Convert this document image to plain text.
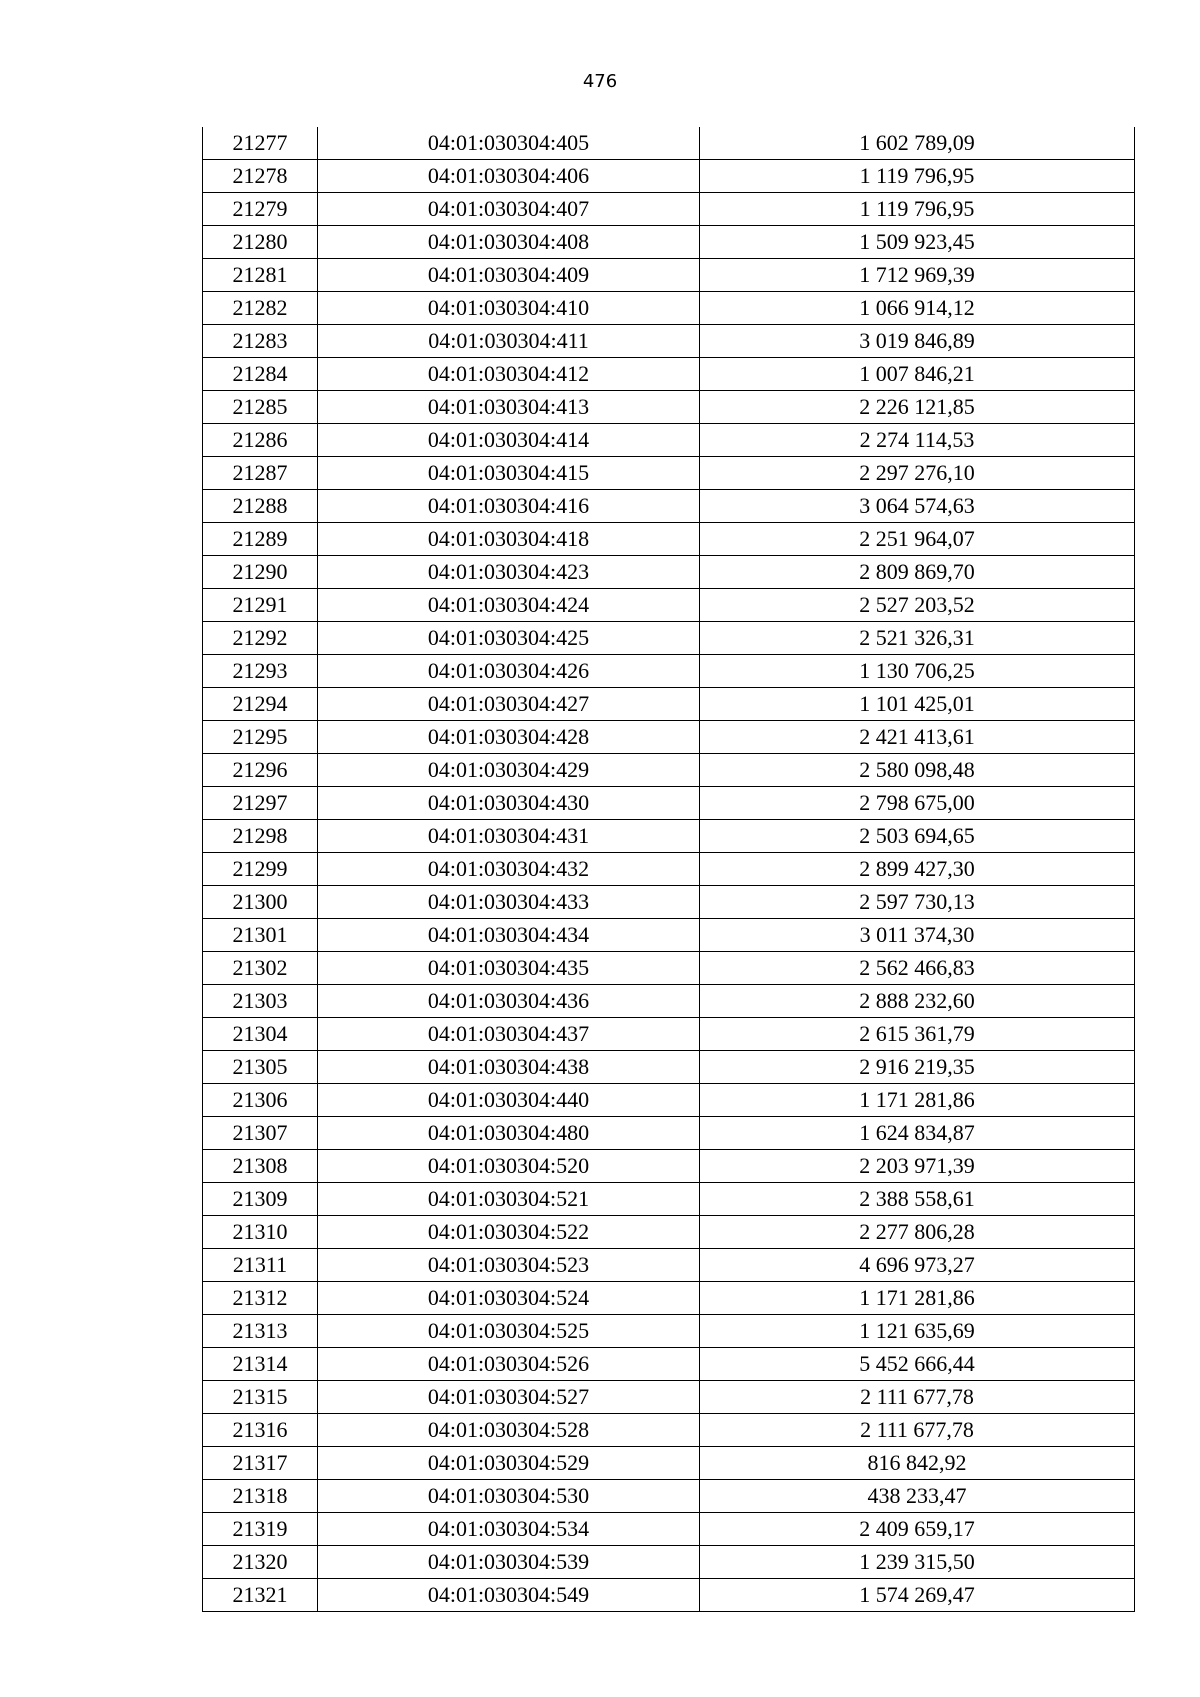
476
21277	04:01:030304:405	1 602 789,09
21278	04:01:030304:406	1 119 796,95
21279	04:01:030304:407	1 119 796,95
21280	04:01:030304:408	1 509 923,45
21281	04:01:030304:409	1 712 969,39
21282	04:01:030304:410	1 066 914,12
21283	04:01:030304:411	3 019 846,89
21284	04:01:030304:412	1 007 846,21
21285	04:01:030304:413	2 226 121,85
21286	04:01:030304:414	2 274 114,53
21287	04:01:030304:415	2 297 276,10
21288	04:01:030304:416	3 064 574,63
21289	04:01:030304:418	2 251 964,07
21290	04:01:030304:423	2 809 869,70
21291	04:01:030304:424	2 527 203,52
21292	04:01:030304:425	2 521 326,31
21293	04:01:030304:426	1 130 706,25
21294	04:01:030304:427	1 101 425,01
21295	04:01:030304:428	2 421 413,61
21296	04:01:030304:429	2 580 098,48
21297	04:01:030304:430	2 798 675,00
21298	04:01:030304:431	2 503 694,65
21299	04:01:030304:432	2 899 427,30
21300	04:01:030304:433	2 597 730,13
21301	04:01:030304:434	3 011 374,30
21302	04:01:030304:435	2 562 466,83
21303	04:01:030304:436	2 888 232,60
21304	04:01:030304:437	2 615 361,79
21305	04:01:030304:438	2 916 219,35
21306	04:01:030304:440	1 171 281,86
21307	04:01:030304:480	1 624 834,87
21308	04:01:030304:520	2 203 971,39
21309	04:01:030304:521	2 388 558,61
21310	04:01:030304:522	2 277 806,28
21311	04:01:030304:523	4 696 973,27
21312	04:01:030304:524	1 171 281,86
21313	04:01:030304:525	1 121 635,69
21314	04:01:030304:526	5 452 666,44
21315	04:01:030304:527	2 111 677,78
21316	04:01:030304:528	2 111 677,78
21317	04:01:030304:529	816 842,92
21318	04:01:030304:530	438 233,47
21319	04:01:030304:534	2 409 659,17
21320	04:01:030304:539	1 239 315,50
21321	04:01:030304:549	1 574 269,47
